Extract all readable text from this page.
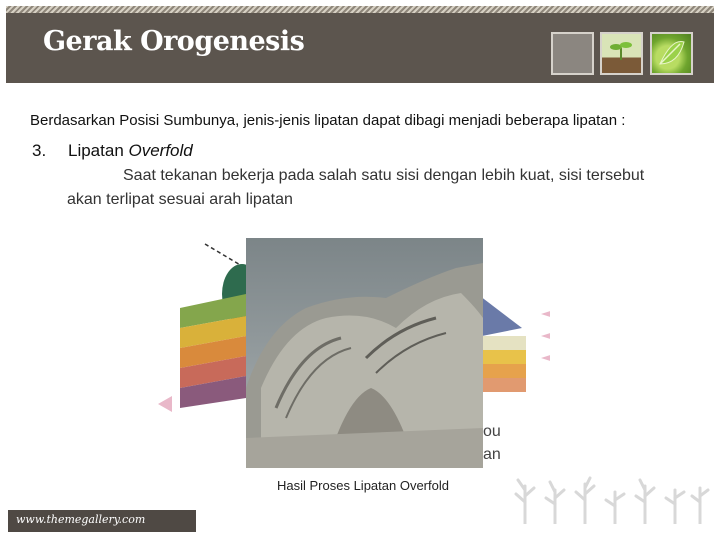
Gerak Orogenesis
Berdasarkan Posisi Sumbunya, jenis-jenis lipatan dapat dibagi menjadi beberapa lipatan :
3. Lipatan Overfold
Saat tekanan bekerja pada salah satu sisi dengan lebih kuat, sisi tersebut akan terlipat sesuai arah lipatan
ou
an
Hasil Proses Lipatan Overfold
www.themegallery.com
